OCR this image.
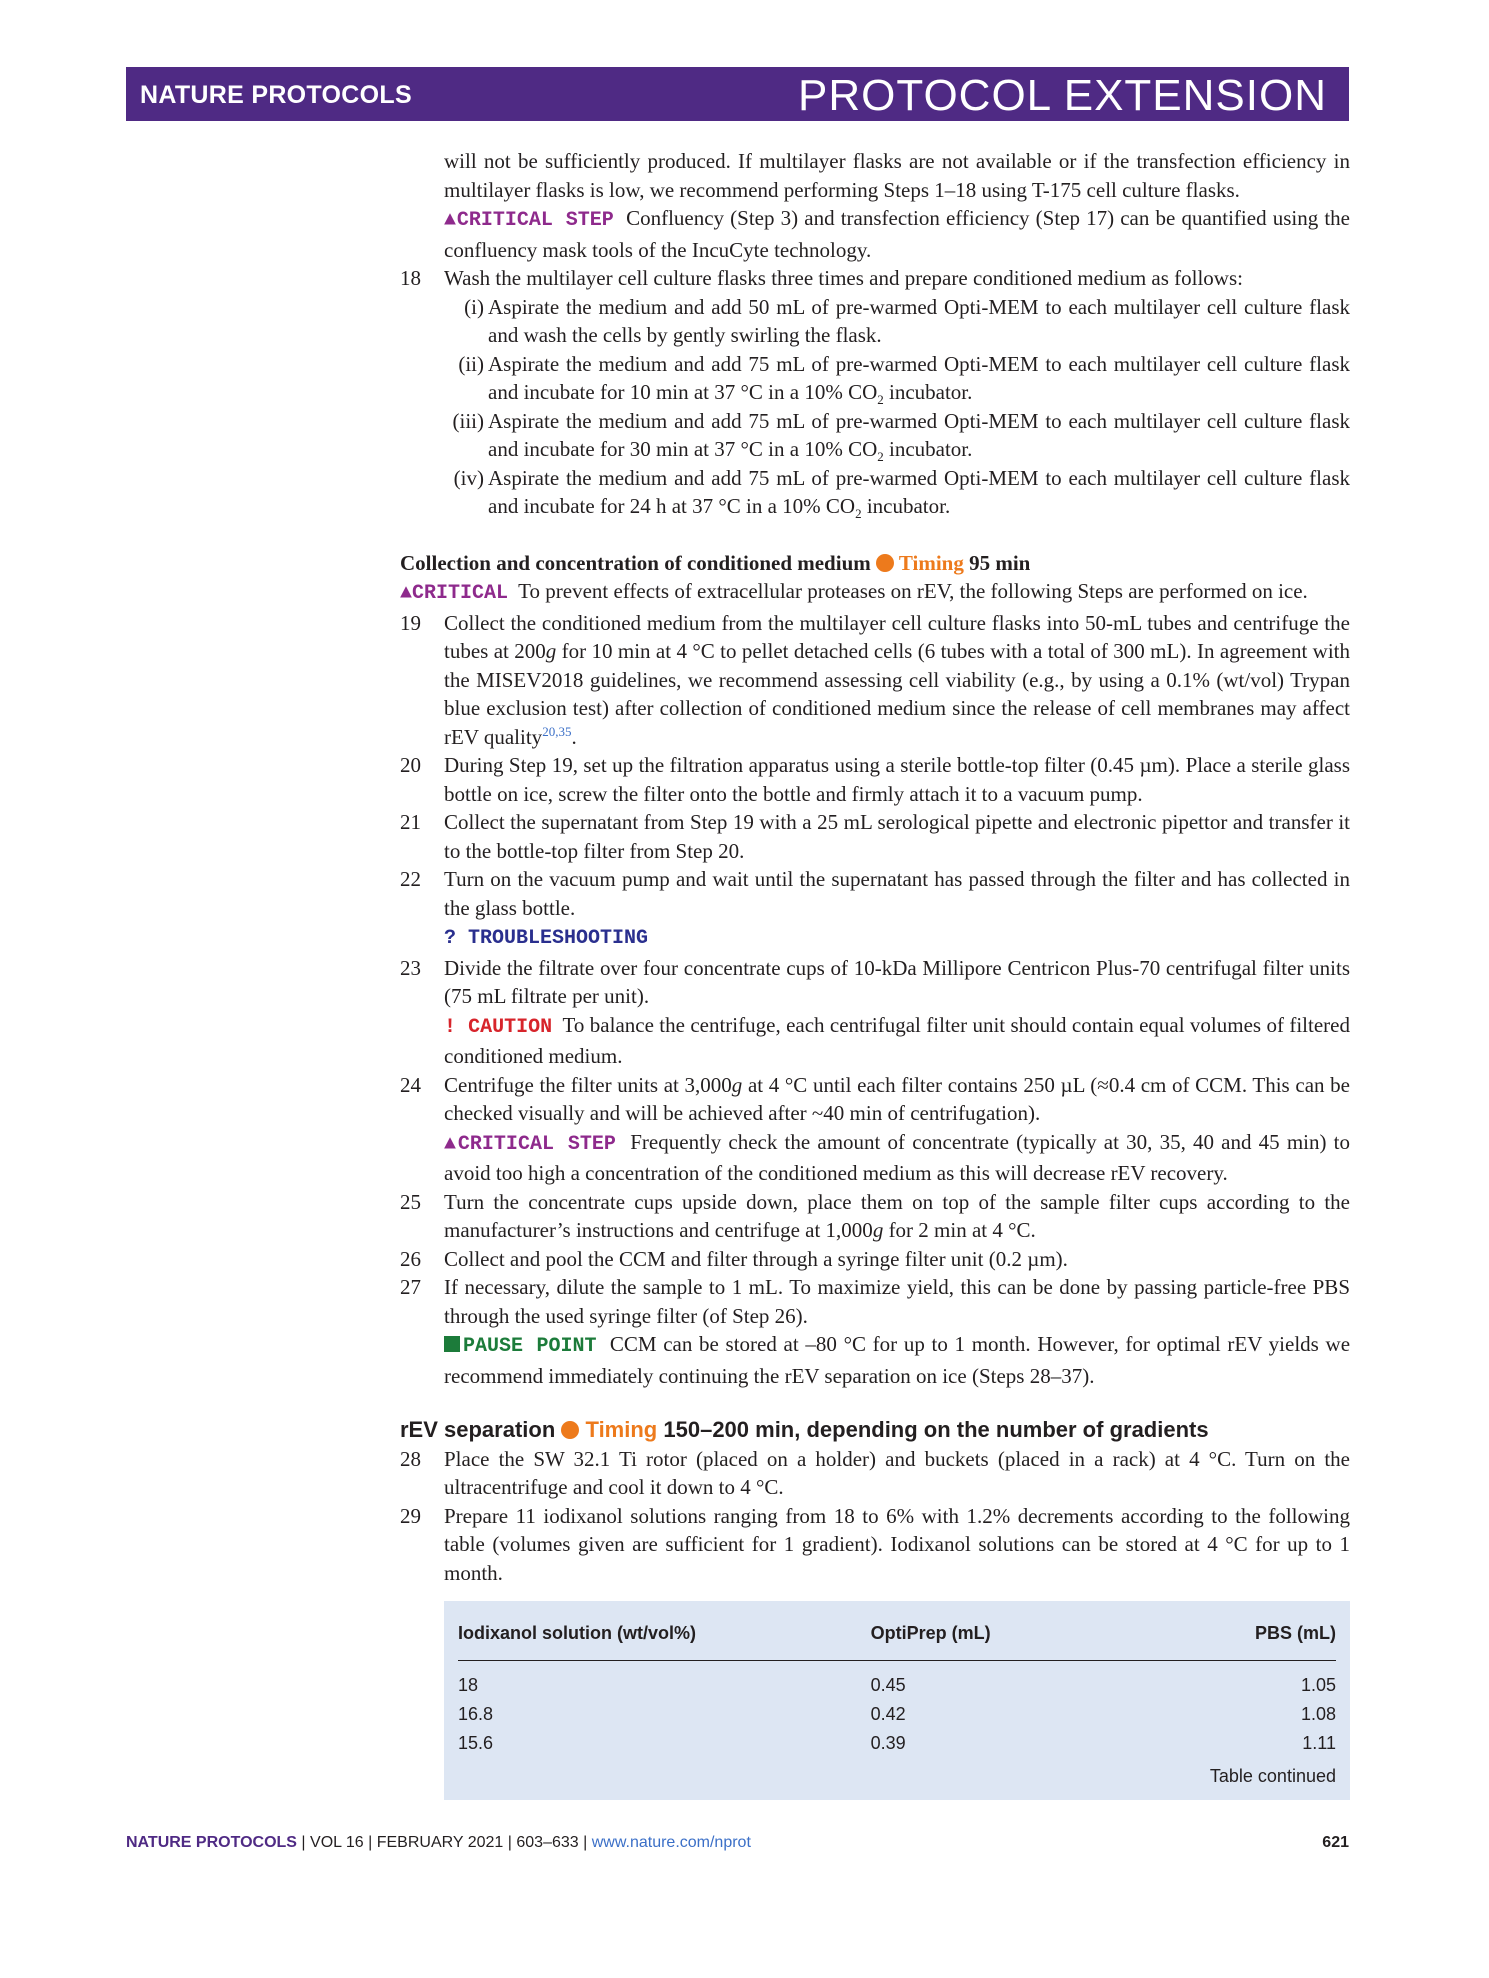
NATURE PROTOCOLS	PROTOCOL EXTENSION

will not be sufficiently produced. If multilayer flasks are not available or if the transfection efficiency in multilayer flasks is low, we recommend performing Steps 1–18 using T-175 cell culture flasks.

▲CRITICAL STEP Confluency (Step 3) and transfection efficiency (Step 17) can be quantified using the confluency mask tools of the IncuCyte technology.

18 Wash the multilayer cell culture flasks three times and prepare conditioned medium as follows:

(i) Aspirate the medium and add 50 mL of pre-warmed Opti-MEM to each multilayer cell culture flask and wash the cells by gently swirling the flask.

(ii) Aspirate the medium and add 75 mL of pre-warmed Opti-MEM to each multilayer cell culture flask and incubate for 10 min at 37 °C in a 10% $CO_2$ incubator.

(iii) Aspirate the medium and add 75 mL of pre-warmed Opti-MEM to each multilayer cell culture flask and incubate for 30 min at 37 °C in a 10% $CO_2$ incubator.

(iv) Aspirate the medium and add 75 mL of pre-warmed Opti-MEM to each multilayer cell culture flask and incubate for 24 h at 37 °C in a 10% $CO_2$ incubator.

Collection and concentration of conditioned medium Timing 95 min

▲CRITICAL To prevent effects of extracellular proteases on rEV, the following Steps are performed on ice.

19 Collect the conditioned medium from the multilayer cell culture flasks into 50-mL tubes and centrifuge the tubes at 200g for 10 min at 4 °C to pellet detached cells (6 tubes with a total of 300 mL). In agreement with the MISEV2018 guidelines, we recommend assessing cell viability (e.g., by using a 0.1% (wt/vol) Trypan blue exclusion test) after collection of conditioned medium since the release of cell membranes may affect rEV quality$^{20,35}$.

20 During Step 19, set up the filtration apparatus using a sterile bottle-top filter (0.45 µm). Place a sterile glass bottle on ice, screw the filter onto the bottle and firmly attach it to a vacuum pump.

21 Collect the supernatant from Step 19 with a 25 mL serological pipette and electronic pipettor and transfer it to the bottle-top filter from Step 20.

22 Turn on the vacuum pump and wait until the supernatant has passed through the filter and has collected in the glass bottle.

? TROUBLESHOOTING

23 Divide the filtrate over four concentrate cups of 10-kDa Millipore Centricon Plus-70 centrifugal filter units (75 mL filtrate per unit).

! CAUTION To balance the centrifuge, each centrifugal filter unit should contain equal volumes of filtered conditioned medium.

24 Centrifuge the filter units at 3,000g at 4 °C until each filter contains 250 µL (≈0.4 cm of CCM. This can be checked visually and will be achieved after ~40 min of centrifugation).

▲CRITICAL STEP Frequently check the amount of concentrate (typically at 30, 35, 40 and 45 min) to avoid too high a concentration of the conditioned medium as this will decrease rEV recovery.

25 Turn the concentrate cups upside down, place them on top of the sample filter cups according to the manufacturer’s instructions and centrifuge at 1,000g for 2 min at 4 °C.

26 Collect and pool the CCM and filter through a syringe filter unit (0.2 µm).

27 If necessary, dilute the sample to 1 mL. To maximize yield, this can be done by passing particle-free PBS through the used syringe filter (of Step 26).

PAUSE POINT CCM can be stored at –80 °C for up to 1 month. However, for optimal rEV yields we recommend immediately continuing the rEV separation on ice (Steps 28–37).

rEV separation Timing 150–200 min, depending on the number of gradients

28 Place the SW 32.1 Ti rotor (placed on a holder) and buckets (placed in a rack) at 4 °C. Turn on the ultracentrifuge and cool it down to 4 °C.

29 Prepare 11 iodixanol solutions ranging from 18 to 6% with 1.2% decrements according to the following table (volumes given are sufficient for 1 gradient). Iodixanol solutions can be stored at 4 °C for up to 1 month.

Iodixanol solution (wt/vol%)	OptiPrep (mL)	PBS (mL)
18	0.45	1.05
16.8	0.42	1.08
15.6	0.39	1.11
Table continued
NATURE PROTOCOLS | VOL 16 | FEBRUARY 2021 | 603–633 | www.nature.com/nprot	621
